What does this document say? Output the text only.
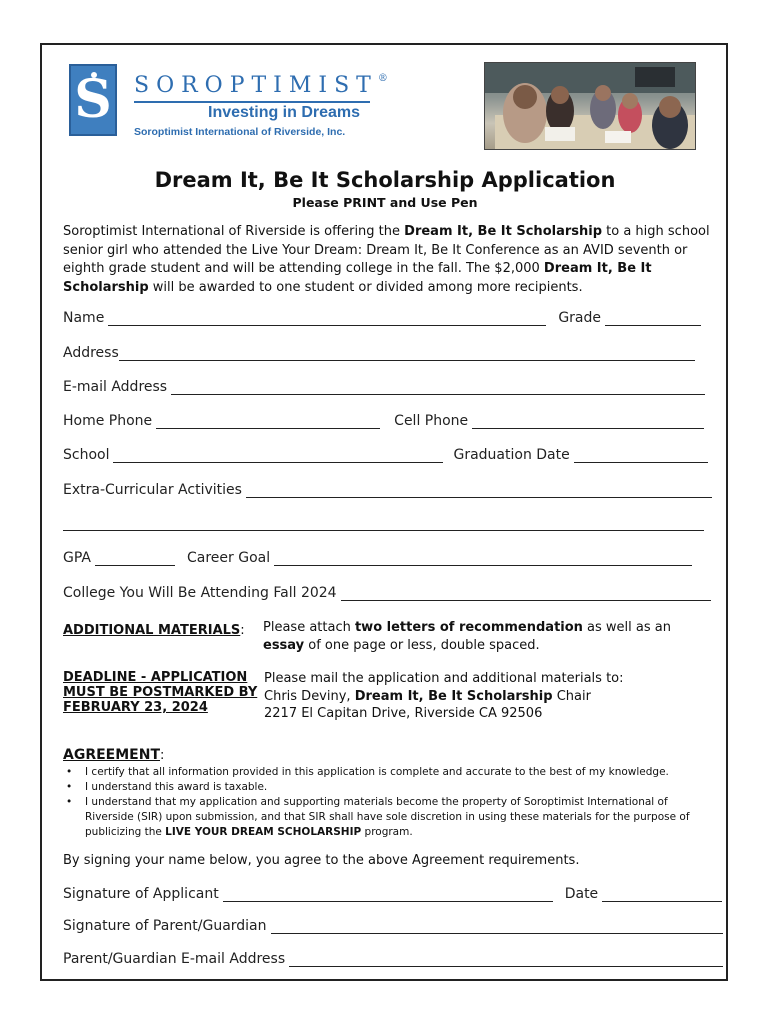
S SOROPTIMIST®
Investing in Dreams
Soroptimist International of Riverside, Inc.
Dream It, Be It Scholarship Application
Please PRINT and Use Pen
Soroptimist International of Riverside is offering the Dream It, Be It Scholarship to a high school senior girl who attended the Live Your Dream: Dream It, Be It Conference as an AVID seventh or eighth grade student and will be attending college in the fall. The $2,000 Dream It, Be It Scholarship will be awarded to one student or divided among more recipients.
Name	Grade
Address
E-mail Address
Home Phone	Cell Phone
School	Graduation Date
Extra-Curricular Activities
GPA	Career Goal
College You Will Be Attending Fall 2024
ADDITIONAL MATERIALS: Please attach two letters of recommendation as well as an essay of one page or less, double spaced.
DEADLINE - APPLICATION
MUST BE POSTMARKED BY
FEBRUARY 23, 2024
Please mail the application and additional materials to:
Chris Deviny, Dream It, Be It Scholarship Chair
2217 El Capitan Drive, Riverside CA 92506
AGREEMENT:
• I certify that all information provided in this application is complete and accurate to the best of my knowledge.
• I understand this award is taxable.
• I understand that my application and supporting materials become the property of Soroptimist International of Riverside (SIR) upon submission, and that SIR shall have sole discretion in using these materials for the purpose of publicizing the LIVE YOUR DREAM SCHOLARSHIP program.
By signing your name below, you agree to the above Agreement requirements.
Signature of Applicant	Date
Signature of Parent/Guardian
Parent/Guardian E-mail Address
